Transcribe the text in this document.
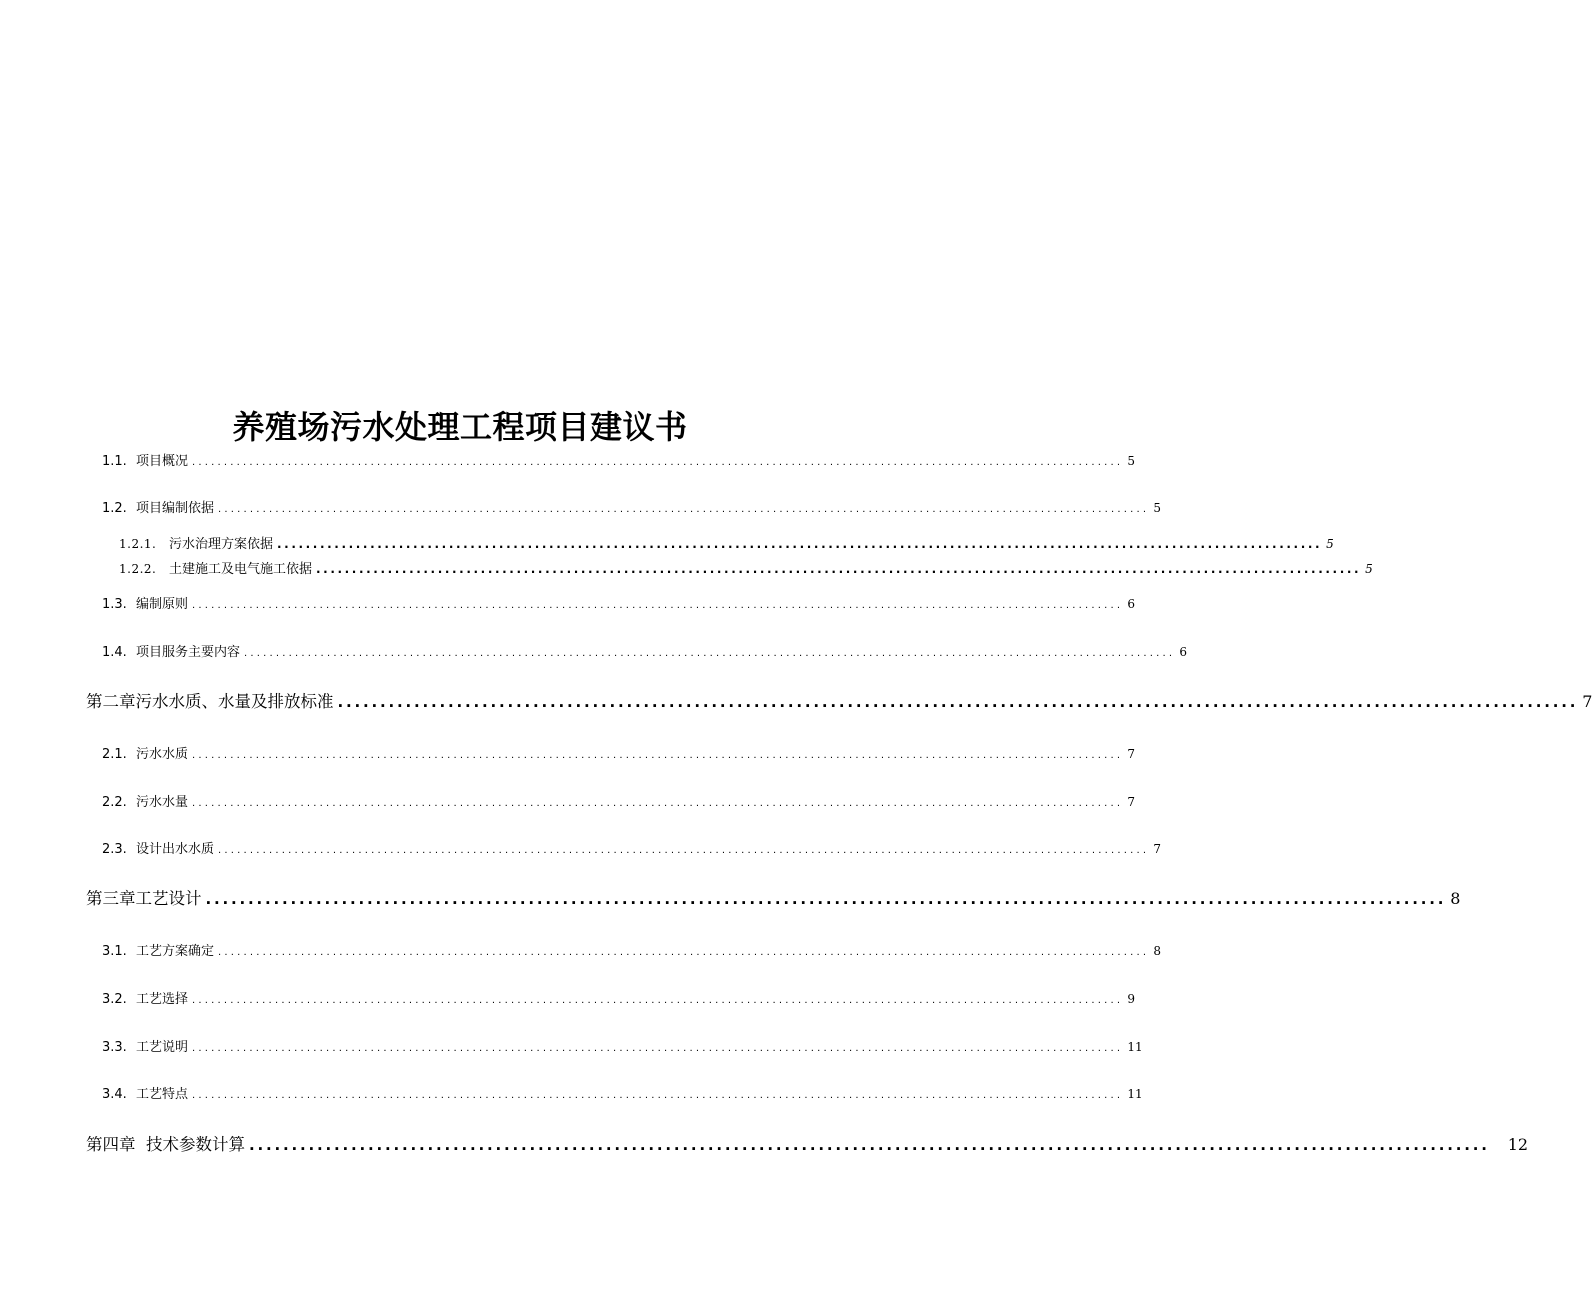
养殖场污水处理工程项目建议书
1.1. 项目概况 .................................................................................................................................................. 5
1.2. 项目编制依据 .................................................................................................................................................. 5
1.2.1. 污水治理方案依据 .................................................................................................................................................. 5
1.2.2. 土建施工及电气施工依据 .................................................................................................................................................. 5
1.3. 编制原则 .................................................................................................................................................. 6
1.4. 项目服务主要内容 .................................................................................................................................................. 6
第二章污水水质、水量及排放标准 .................................................................................................................................................. 7
2.1. 污水水质 .................................................................................................................................................. 7
2.2. 污水水量 .................................................................................................................................................. 7
2.3. 设计出水水质 .................................................................................................................................................. 7
第三章工艺设计 .................................................................................................................................................. 8
3.1. 工艺方案确定 .................................................................................................................................................. 8
3.2. 工艺选择 .................................................................................................................................................. 9
3.3. 工艺说明 .................................................................................................................................................. 11
3.4. 工艺特点 .................................................................................................................................................. 11
第四章  技术参数计算 .................................................................................................................................................. 12
